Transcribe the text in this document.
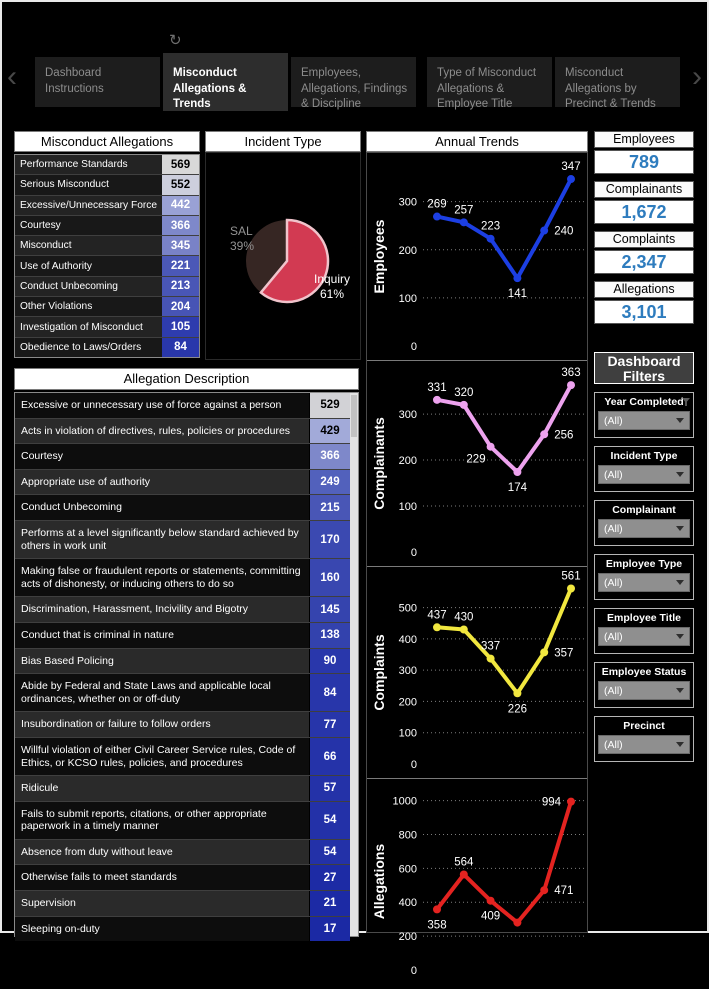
↻
‹	›
Dashboard Instructions
Misconduct Allegations & Trends
Employees, Allegations, Findings & Discipline
Type of Misconduct Allegations & Employee Title
Misconduct Allegations by Precinct & Trends
Misconduct Allegations
Performance Standards	569
Serious Misconduct	552
Excessive/Unnecessary Force	442
Courtesy	366
Misconduct	345
Use of Authority	221
Conduct Unbecoming	213
Other Violations	204
Investigation of Misconduct	105
Obedience to Laws/Orders	84
Incident Type
SAL
39%
Inquiry
61%
Annual Trends
Employees
0
100
200
300 269 257
223
141
240
347
Complainants
0
100
200
300
331 320
229
174
256
363
Complaints
0
100
200
300
400
500
437 430
337
226
357
561
Allegations
0
200
400
600
800
1000
358
564
409
471
994
Employees
789
Complainants
1,672
Complaints
2,347
Allegations
3,101
Dashboard Filters
Year Completed
(All)
Incident Type
(All)
Complainant
(All)
Employee Type
(All)
Employee Title
(All)
Employee Status
(All)
Precinct
(All)
Allegation Description
Excessive or unnecessary use of force against a person	529
Acts in violation of directives, rules, policies or procedures	429
Courtesy	366
Appropriate use of authority	249
Conduct Unbecoming	215
Performs at a level significantly below standard achieved by others in work unit	170
Making false or fraudulent reports or statements, committing acts of dishonesty, or inducing others to do so	160
Discrimination, Harassment, Incivility and Bigotry	145
Conduct that is criminal in nature	138
Bias Based Policing	90
Abide by Federal and State Laws and applicable local ordinances, whether on or off-duty	84
Insubordination or failure to follow orders	77
Willful violation of either Civil Career Service rules, Code of Ethics, or KCSO rules, policies, and procedures	66
Ridicule	57
Fails to submit reports, citations, or other appropriate paperwork in a timely manner	54
Absence from duty without leave	54
Otherwise fails to meet standards	27
Supervision	21
Sleeping on-duty	17
